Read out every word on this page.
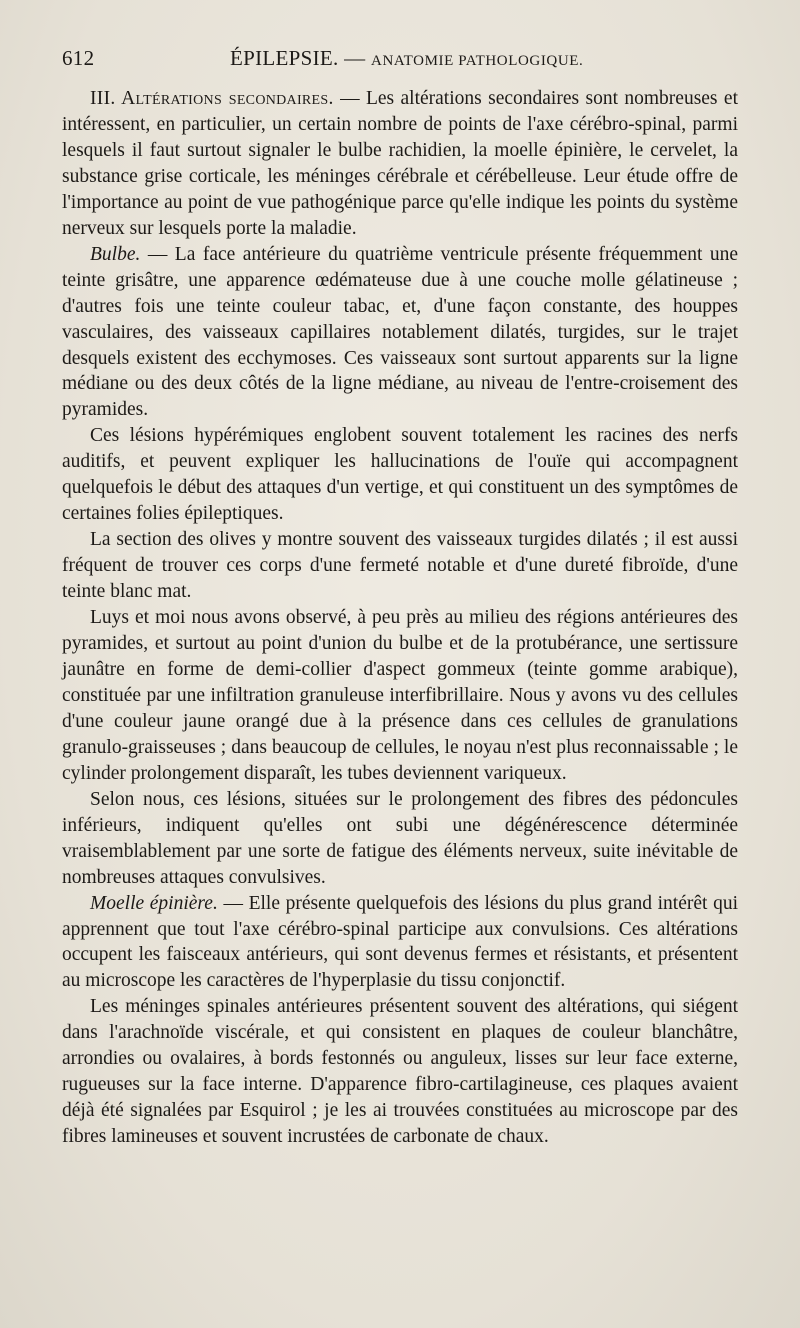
612	ÉPILEPSIE. — ANATOMIE PATHOLOGIQUE.

III. Altérations secondaires. — Les altérations secondaires sont nombreuses et intéressent, en particulier, un certain nombre de points de l'axe cérébro-spinal, parmi lesquels il faut surtout signaler le bulbe rachidien, la moelle épinière, le cervelet, la substance grise corticale, les méninges cérébrale et cérébelleuse. Leur étude offre de l'importance au point de vue pathogénique parce qu'elle indique les points du système nerveux sur lesquels porte la maladie.

Bulbe. — La face antérieure du quatrième ventricule présente fréquemment une teinte grisâtre, une apparence œdémateuse due à une couche molle gélatineuse ; d'autres fois une teinte couleur tabac, et, d'une façon constante, des houppes vasculaires, des vaisseaux capillaires notablement dilatés, turgides, sur le trajet desquels existent des ecchymoses. Ces vaisseaux sont surtout apparents sur la ligne médiane ou des deux côtés de la ligne médiane, au niveau de l'entre-croisement des pyramides.

Ces lésions hypérémiques englobent souvent totalement les racines des nerfs auditifs, et peuvent expliquer les hallucinations de l'ouïe qui accompagnent quelquefois le début des attaques d'un vertige, et qui constituent un des symptômes de certaines folies épileptiques.

La section des olives y montre souvent des vaisseaux turgides dilatés ; il est aussi fréquent de trouver ces corps d'une fermeté notable et d'une dureté fibroïde, d'une teinte blanc mat.

Luys et moi nous avons observé, à peu près au milieu des régions antérieures des pyramides, et surtout au point d'union du bulbe et de la protubérance, une sertissure jaunâtre en forme de demi-collier d'aspect gommeux (teinte gomme arabique), constituée par une infiltration granuleuse interfibrillaire. Nous y avons vu des cellules d'une couleur jaune orangé due à la présence dans ces cellules de granulations granulo-graisseuses ; dans beaucoup de cellules, le noyau n'est plus reconnaissable ; le cylinder prolongement disparaît, les tubes deviennent variqueux.

Selon nous, ces lésions, situées sur le prolongement des fibres des pédoncules inférieurs, indiquent qu'elles ont subi une dégénérescence déterminée vraisemblablement par une sorte de fatigue des éléments nerveux, suite inévitable de nombreuses attaques convulsives.

Moelle épinière. — Elle présente quelquefois des lésions du plus grand intérêt qui apprennent que tout l'axe cérébro-spinal participe aux convulsions. Ces altérations occupent les faisceaux antérieurs, qui sont devenus fermes et résistants, et présentent au microscope les caractères de l'hyperplasie du tissu conjonctif.

Les méninges spinales antérieures présentent souvent des altérations, qui siégent dans l'arachnoïde viscérale, et qui consistent en plaques de couleur blanchâtre, arrondies ou ovalaires, à bords festonnés ou anguleux, lisses sur leur face externe, rugueuses sur la face interne. D'apparence fibro-cartilagineuse, ces plaques avaient déjà été signalées par Esquirol ; je les ai trouvées constituées au microscope par des fibres lamineuses et souvent incrustées de carbonate de chaux.
